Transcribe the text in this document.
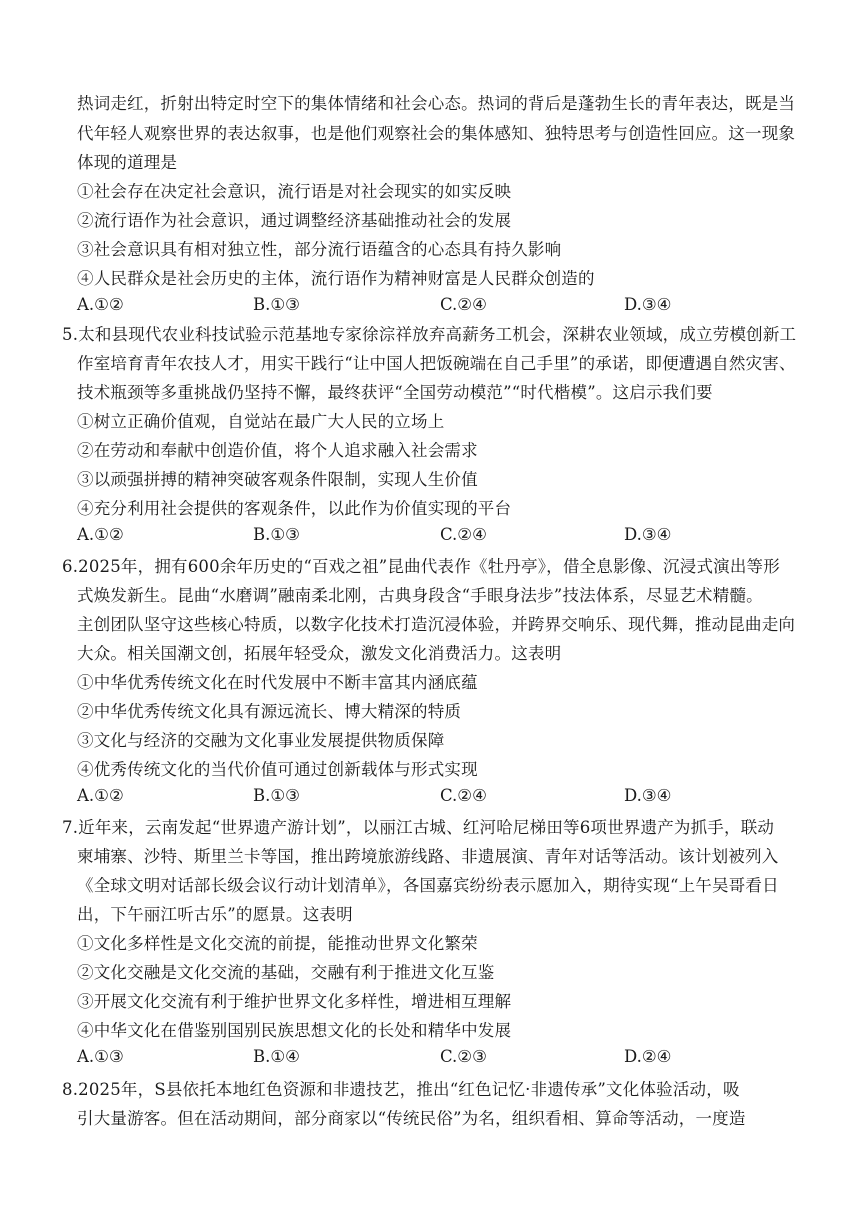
热词走红，折射出特定时空下的集体情绪和社会心态。热词的背后是蓬勃生长的青年表达，既是当
代年轻人观察世界的表达叙事，也是他们观察社会的集体感知、独特思考与创造性回应。这一现象
体现的道理是
①社会存在决定社会意识，流行语是对社会现实的如实反映
②流行语作为社会意识，通过调整经济基础推动社会的发展
③社会意识具有相对独立性，部分流行语蕴含的心态具有持久影响
④人民群众是社会历史的主体，流行语作为精神财富是人民群众创造的
A.①②	B.①③	C.②④	D.③④
5.太和县现代农业科技试验示范基地专家徐淙祥放弃高薪务工机会，深耕农业领域，成立劳模创新工
作室培育青年农技人才，用实干践行“让中国人把饭碗端在自己手里”的承诺，即便遭遇自然灾害、
技术瓶颈等多重挑战仍坚持不懈，最终获评“全国劳动模范”“时代楷模”。这启示我们要
①树立正确价值观，自觉站在最广大人民的立场上
②在劳动和奉献中创造价值，将个人追求融入社会需求
③以顽强拼搏的精神突破客观条件限制，实现人生价值
④充分利用社会提供的客观条件，以此作为价值实现的平台
A.①②	B.①③	C.②④	D.③④
6.2025年，拥有600余年历史的“百戏之祖”昆曲代表作《牡丹亭》，借全息影像、沉浸式演出等形
式焕发新生。昆曲“水磨调”融南柔北刚，古典身段含“手眼身法步”技法体系，尽显艺术精髓。
主创团队坚守这些核心特质，以数字化技术打造沉浸体验，并跨界交响乐、现代舞，推动昆曲走向
大众。相关国潮文创，拓展年轻受众，激发文化消费活力。这表明
①中华优秀传统文化在时代发展中不断丰富其内涵底蕴
②中华优秀传统文化具有源远流长、博大精深的特质
③文化与经济的交融为文化事业发展提供物质保障
④优秀传统文化的当代价值可通过创新载体与形式实现
A.①②	B.①③	C.②④	D.③④
7.近年来，云南发起“世界遗产游计划”，以丽江古城、红河哈尼梯田等6项世界遗产为抓手，联动
柬埔寨、沙特、斯里兰卡等国，推出跨境旅游线路、非遗展演、青年对话等活动。该计划被列入
《全球文明对话部长级会议行动计划清单》，各国嘉宾纷纷表示愿加入，期待实现“上午吴哥看日
出，下午丽江听古乐”的愿景。这表明
①文化多样性是文化交流的前提，能推动世界文化繁荣
②文化交融是文化交流的基础，交融有利于推进文化互鉴
③开展文化交流有利于维护世界文化多样性，增进相互理解
④中华文化在借鉴别国别民族思想文化的长处和精华中发展
A.①③	B.①④	C.②③	D.②④
8.2025年，S县依托本地红色资源和非遗技艺，推出“红色记忆·非遗传承”文化体验活动，吸
引大量游客。但在活动期间，部分商家以“传统民俗”为名，组织看相、算命等活动，一度造
